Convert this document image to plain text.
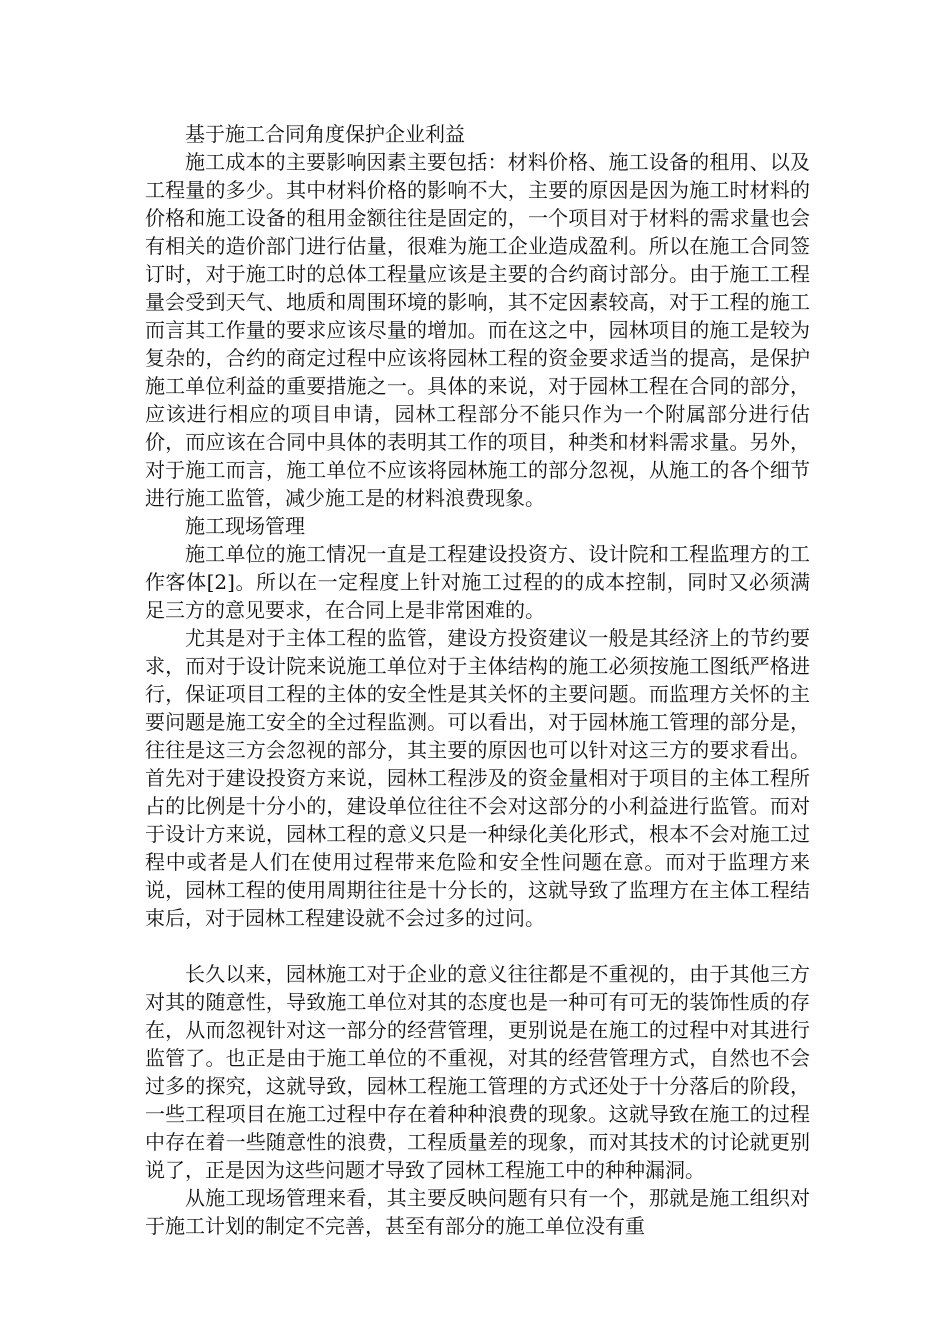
基于施工合同角度保护企业利益

施工成本的主要影响因素主要包括：材料价格、施工设备的租用、以及工程量的多少。其中材料价格的影响不大，主要的原因是因为施工时材料的价格和施工设备的租用金额往往是固定的，一个项目对于材料的需求量也会有相关的造价部门进行估量，很难为施工企业造成盈利。所以在施工合同签订时，对于施工时的总体工程量应该是主要的合约商讨部分。由于施工工程量会受到天气、地质和周围环境的影响，其不定因素较高，对于工程的施工而言其工作量的要求应该尽量的增加。而在这之中，园林项目的施工是较为复杂的，合约的商定过程中应该将园林工程的资金要求适当的提高，是保护施工单位利益的重要措施之一。具体的来说，对于园林工程在合同的部分，应该进行相应的项目申请，园林工程部分不能只作为一个附属部分进行估价，而应该在合同中具体的表明其工作的项目，种类和材料需求量。另外，对于施工而言，施工单位不应该将园林施工的部分忽视，从施工的各个细节进行施工监管，减少施工是的材料浪费现象。

施工现场管理

施工单位的施工情况一直是工程建设投资方、设计院和工程监理方的工作客体[2]。所以在一定程度上针对施工过程的的成本控制，同时又必须满足三方的意见要求，在合同上是非常困难的。

尤其是对于主体工程的监管，建设方投资建议一般是其经济上的节约要求，而对于设计院来说施工单位对于主体结构的施工必须按施工图纸严格进行，保证项目工程的主体的安全性是其关怀的主要问题。而监理方关怀的主要问题是施工安全的全过程监测。可以看出，对于园林施工管理的部分是，往往是这三方会忽视的部分，其主要的原因也可以针对这三方的要求看出。首先对于建设投资方来说，园林工程涉及的资金量相对于项目的主体工程所占的比例是十分小的，建设单位往往不会对这部分的小利益进行监管。而对于设计方来说，园林工程的意义只是一种绿化美化形式，根本不会对施工过程中或者是人们在使用过程带来危险和安全性问题在意。而对于监理方来说，园林工程的使用周期往往是十分长的，这就导致了监理方在主体工程结束后，对于园林工程建设就不会过多的过问。

长久以来，园林施工对于企业的意义往往都是不重视的，由于其他三方对其的随意性，导致施工单位对其的态度也是一种可有可无的装饰性质的存在，从而忽视针对这一部分的经营管理，更别说是在施工的过程中对其进行监管了。也正是由于施工单位的不重视，对其的经营管理方式，自然也不会过多的探究，这就导致，园林工程施工管理的方式还处于十分落后的阶段，一些工程项目在施工过程中存在着种种浪费的现象。这就导致在施工的过程中存在着一些随意性的浪费，工程质量差的现象，而对其技术的讨论就更别说了，正是因为这些问题才导致了园林工程施工中的种种漏洞。

从施工现场管理来看，其主要反映问题有只有一个，那就是施工组织对于施工计划的制定不完善，甚至有部分的施工单位没有重
